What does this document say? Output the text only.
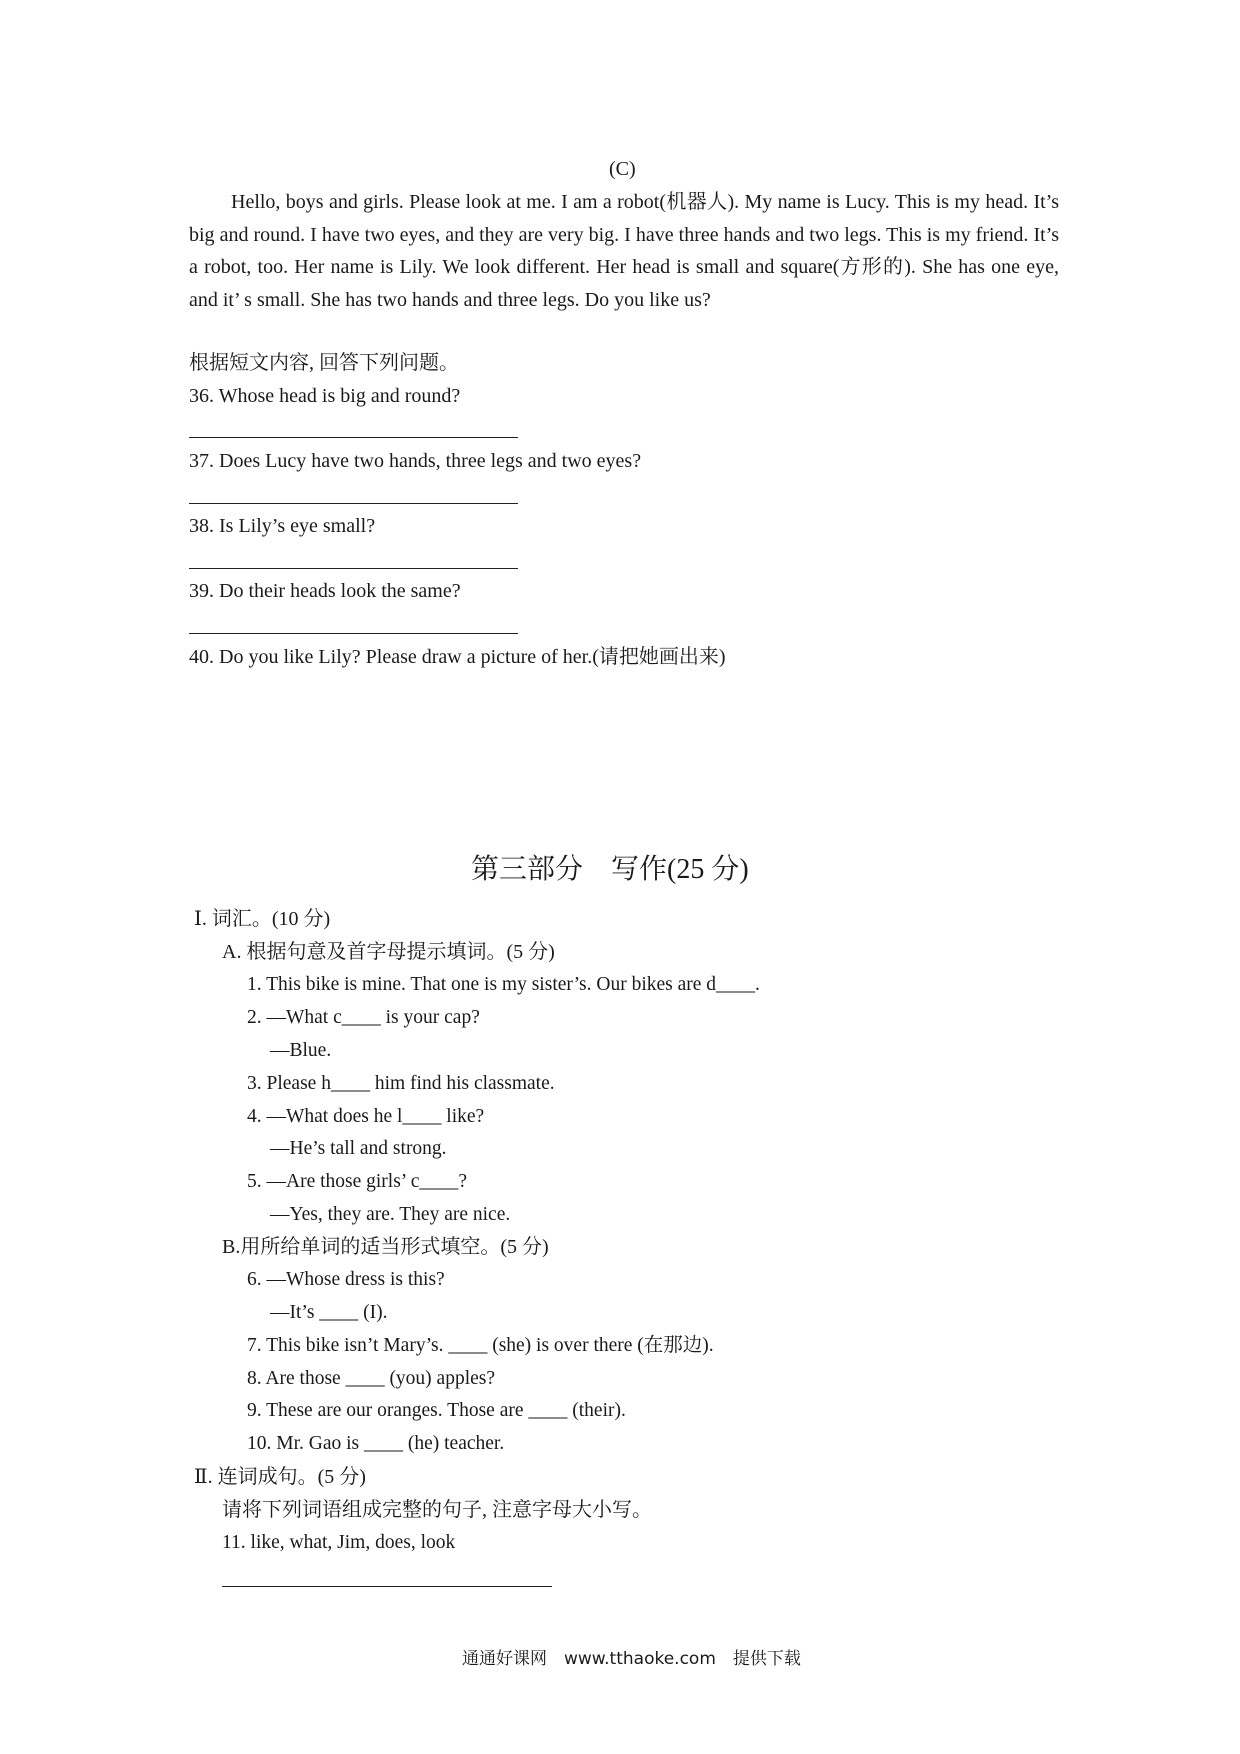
(C)
Hello, boys and girls. Please look at me. I am a robot(机器人). My name is Lucy. This is my head. It’s big and round. I have two eyes, and they are very big. I have three hands and two legs. This is my friend. It’s a robot, too. Her name is Lily. We look different. Her head is small and square(方形的). She has one eye, and it’ s small. She has two hands and three legs. Do you like us?
根据短文内容, 回答下列问题。
36. Whose head is big and round?
37. Does Lucy have two hands, three legs and two eyes?
38. Is Lily’s eye small?
39. Do their heads look the same?
40. Do you like Lily? Please draw a picture of her.(请把她画出来)
第三部分　写作(25 分)
Ⅰ. 词汇。(10 分)
A. 根据句意及首字母提示填词。(5 分)
1. This bike is mine. That one is my sister’s. Our bikes are d____.
2. —What c____ is your cap?
—Blue.
3. Please h____ him find his classmate.
4. —What does he l____ like?
—He’s tall and strong.
5. —Are those girls’ c____?
—Yes, they are. They are nice.
B.用所给单词的适当形式填空。(5 分)
6. —Whose dress is this?
—It’s ____ (I).
7. This bike isn’t Mary’s. ____ (she) is over there (在那边).
8. Are those ____ (you) apples?
9. These are our oranges. Those are ____ (their).
10. Mr. Gao is ____ (he) teacher.
Ⅱ. 连词成句。(5 分)
请将下列词语组成完整的句子, 注意字母大小写。
11. like, what, Jim, does, look
通通好课网　www.tthaoke.com　提供下载
